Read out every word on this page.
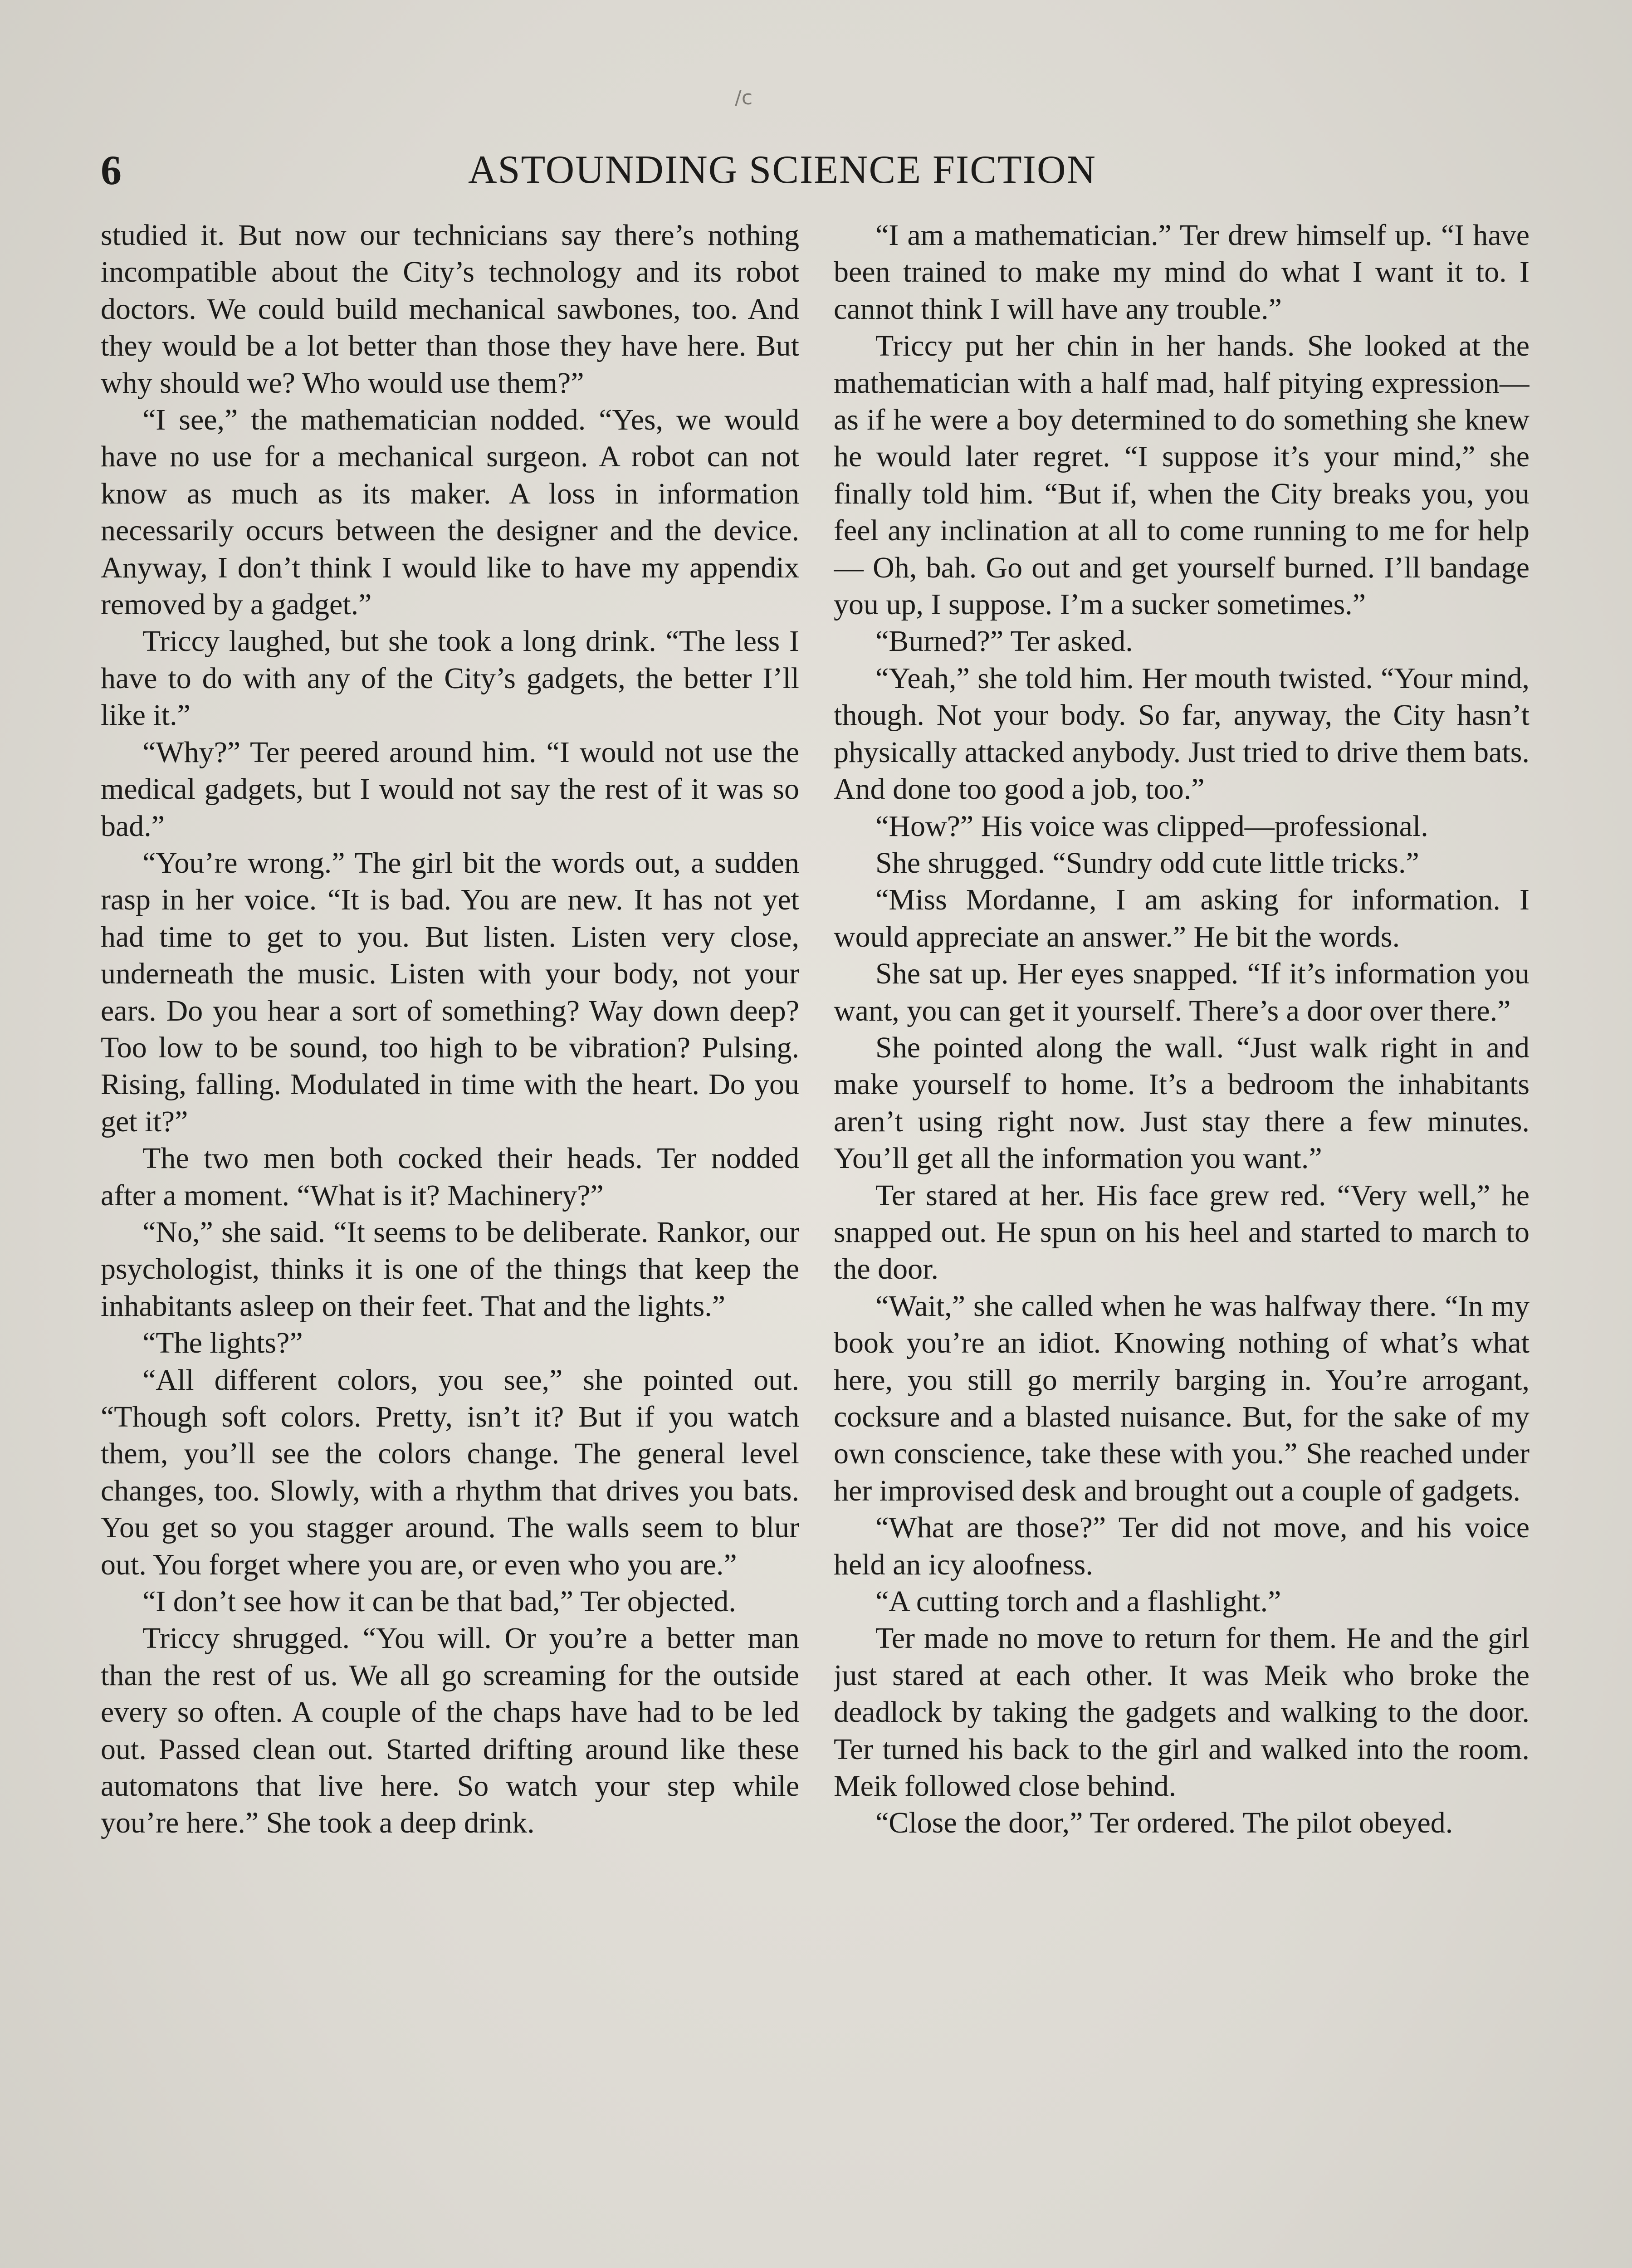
/c
6	ASTOUNDING SCIENCE FICTION

studied it. But now our technicians say there’s nothing incompatible about the City’s technology and its robot doctors. We could build mechanical sawbones, too. And they would be a lot better than those they have here. But why should we? Who would use them?”

“I see,” the mathematician nodded. “Yes, we would have no use for a mechanical surgeon. A robot can not know as much as its maker. A loss in information necessarily occurs between the designer and the device. Anyway, I don’t think I would like to have my appendix removed by a gadget.”

Triccy laughed, but she took a long drink. “The less I have to do with any of the City’s gadgets, the better I’ll like it.”

“Why?” Ter peered around him. “I would not use the medical gadgets, but I would not say the rest of it was so bad.”

“You’re wrong.” The girl bit the words out, a sudden rasp in her voice. “It is bad. You are new. It has not yet had time to get to you. But listen. Listen very close, underneath the music. Listen with your body, not your ears. Do you hear a sort of something? Way down deep? Too low to be sound, too high to be vibration? Pulsing. Rising, falling. Modulated in time with the heart. Do you get it?”

The two men both cocked their heads. Ter nodded after a moment. “What is it? Machinery?”

“No,” she said. “It seems to be deliberate. Rankor, our psychologist, thinks it is one of the things that keep the inhabitants asleep on their feet. That and the lights.”

“The lights?”

“All different colors, you see,” she pointed out. “Though soft colors. Pretty, isn’t it? But if you watch them, you’ll see the colors change. The general level changes, too. Slowly, with a rhythm that drives you bats. You get so you stagger around. The walls seem to blur out. You forget where you are, or even who you are.”

“I don’t see how it can be that bad,” Ter objected.

Triccy shrugged. “You will. Or you’re a better man than the rest of us. We all go screaming for the outside every so often. A couple of the chaps have had to be led out. Passed clean out. Started drifting around like these automatons that live here. So watch your step while you’re here.” She took a deep drink.

“I am a mathematician.” Ter drew himself up. “I have been trained to make my mind do what I want it to. I cannot think I will have any trouble.”

Triccy put her chin in her hands. She looked at the mathematician with a half mad, half pitying expression—as if he were a boy determined to do something she knew he would later regret. “I suppose it’s your mind,” she finally told him. “But if, when the City breaks you, you feel any inclination at all to come running to me for help— Oh, bah. Go out and get yourself burned. I’ll bandage you up, I suppose. I’m a sucker sometimes.”

“Burned?” Ter asked.

“Yeah,” she told him. Her mouth twisted. “Your mind, though. Not your body. So far, anyway, the City hasn’t physically attacked anybody. Just tried to drive them bats. And done too good a job, too.”

“How?” His voice was clipped—professional.

She shrugged. “Sundry odd cute little tricks.”

“Miss Mordanne, I am asking for information. I would appreciate an answer.” He bit the words.

She sat up. Her eyes snapped. “If it’s information you want, you can get it yourself. There’s a door over there.”

She pointed along the wall. “Just walk right in and make yourself to home. It’s a bedroom the inhabitants aren’t using right now. Just stay there a few minutes. You’ll get all the information you want.”

Ter stared at her. His face grew red. “Very well,” he snapped out. He spun on his heel and started to march to the door.

“Wait,” she called when he was halfway there. “In my book you’re an idiot. Knowing nothing of what’s what here, you still go merrily barging in. You’re arrogant, cocksure and a blasted nuisance. But, for the sake of my own conscience, take these with you.” She reached under her improvised desk and brought out a couple of gadgets.

“What are those?” Ter did not move, and his voice held an icy aloofness.

“A cutting torch and a flashlight.”

Ter made no move to return for them. He and the girl just stared at each other. It was Meik who broke the deadlock by taking the gadgets and walking to the door. Ter turned his back to the girl and walked into the room. Meik followed close behind.

“Close the door,” Ter ordered. The pilot obeyed.
